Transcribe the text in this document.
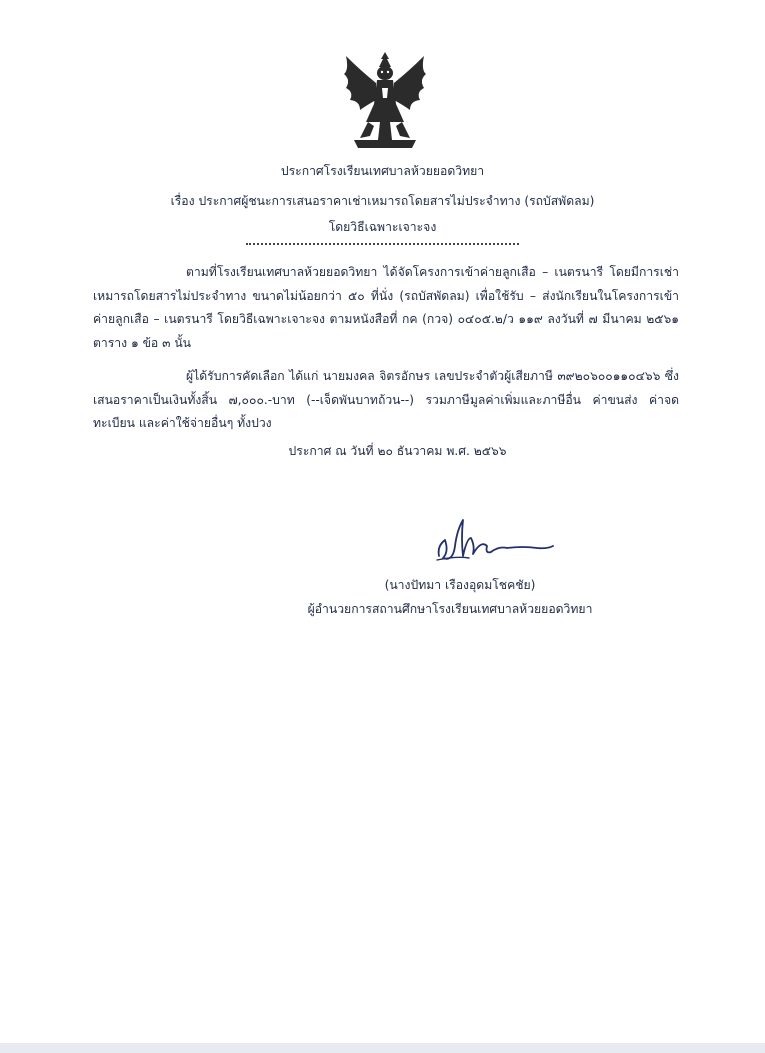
ประกาศโรงเรียนเทศบาลห้วยยอดวิทยา
เรื่อง ประกาศผู้ชนะการเสนอราคาเช่าเหมารถโดยสารไม่ประจำทาง (รถบัสพัดลม)
โดยวิธีเฉพาะเจาะจง

ตามที่โรงเรียนเทศบาลห้วยยอดวิทยา ได้จัดโครงการเข้าค่ายลูกเสือ – เนตรนารี โดยมีการเช่าเหมารถโดยสารไม่ประจำทาง ขนาดไม่น้อยกว่า ๕๐ ที่นั่ง (รถบัสพัดลม) เพื่อใช้รับ – ส่งนักเรียนในโครงการเข้าค่ายลูกเสือ – เนตรนารี โดยวิธีเฉพาะเจาะจง ตามหนังสือที่ กค (กวจ) ๐๔๐๕.๒/ว ๑๑๙ ลงวันที่ ๗ มีนาคม ๒๕๖๑ ตาราง ๑ ข้อ ๓ นั้น

ผู้ได้รับการคัดเลือก ได้แก่ นายมงคล จิตรอักษร เลขประจำตัวผู้เสียภาษี ๓๙๒๐๖๐๐๑๑๐๔๖๖ ซึ่งเสนอราคาเป็นเงินทั้งสิ้น ๗,๐๐๐.-บาท (--เจ็ดพันบาทถ้วน--) รวมภาษีมูลค่าเพิ่มและภาษีอื่น ค่าขนส่ง ค่าจดทะเบียน และค่าใช้จ่ายอื่นๆ ทั้งปวง

ประกาศ ณ วันที่ ๒๐ ธันวาคม พ.ศ. ๒๕๖๖
(นางปัทมา เรืองอุดมโชคชัย)
ผู้อำนวยการสถานศึกษาโรงเรียนเทศบาลห้วยยอดวิทยา
